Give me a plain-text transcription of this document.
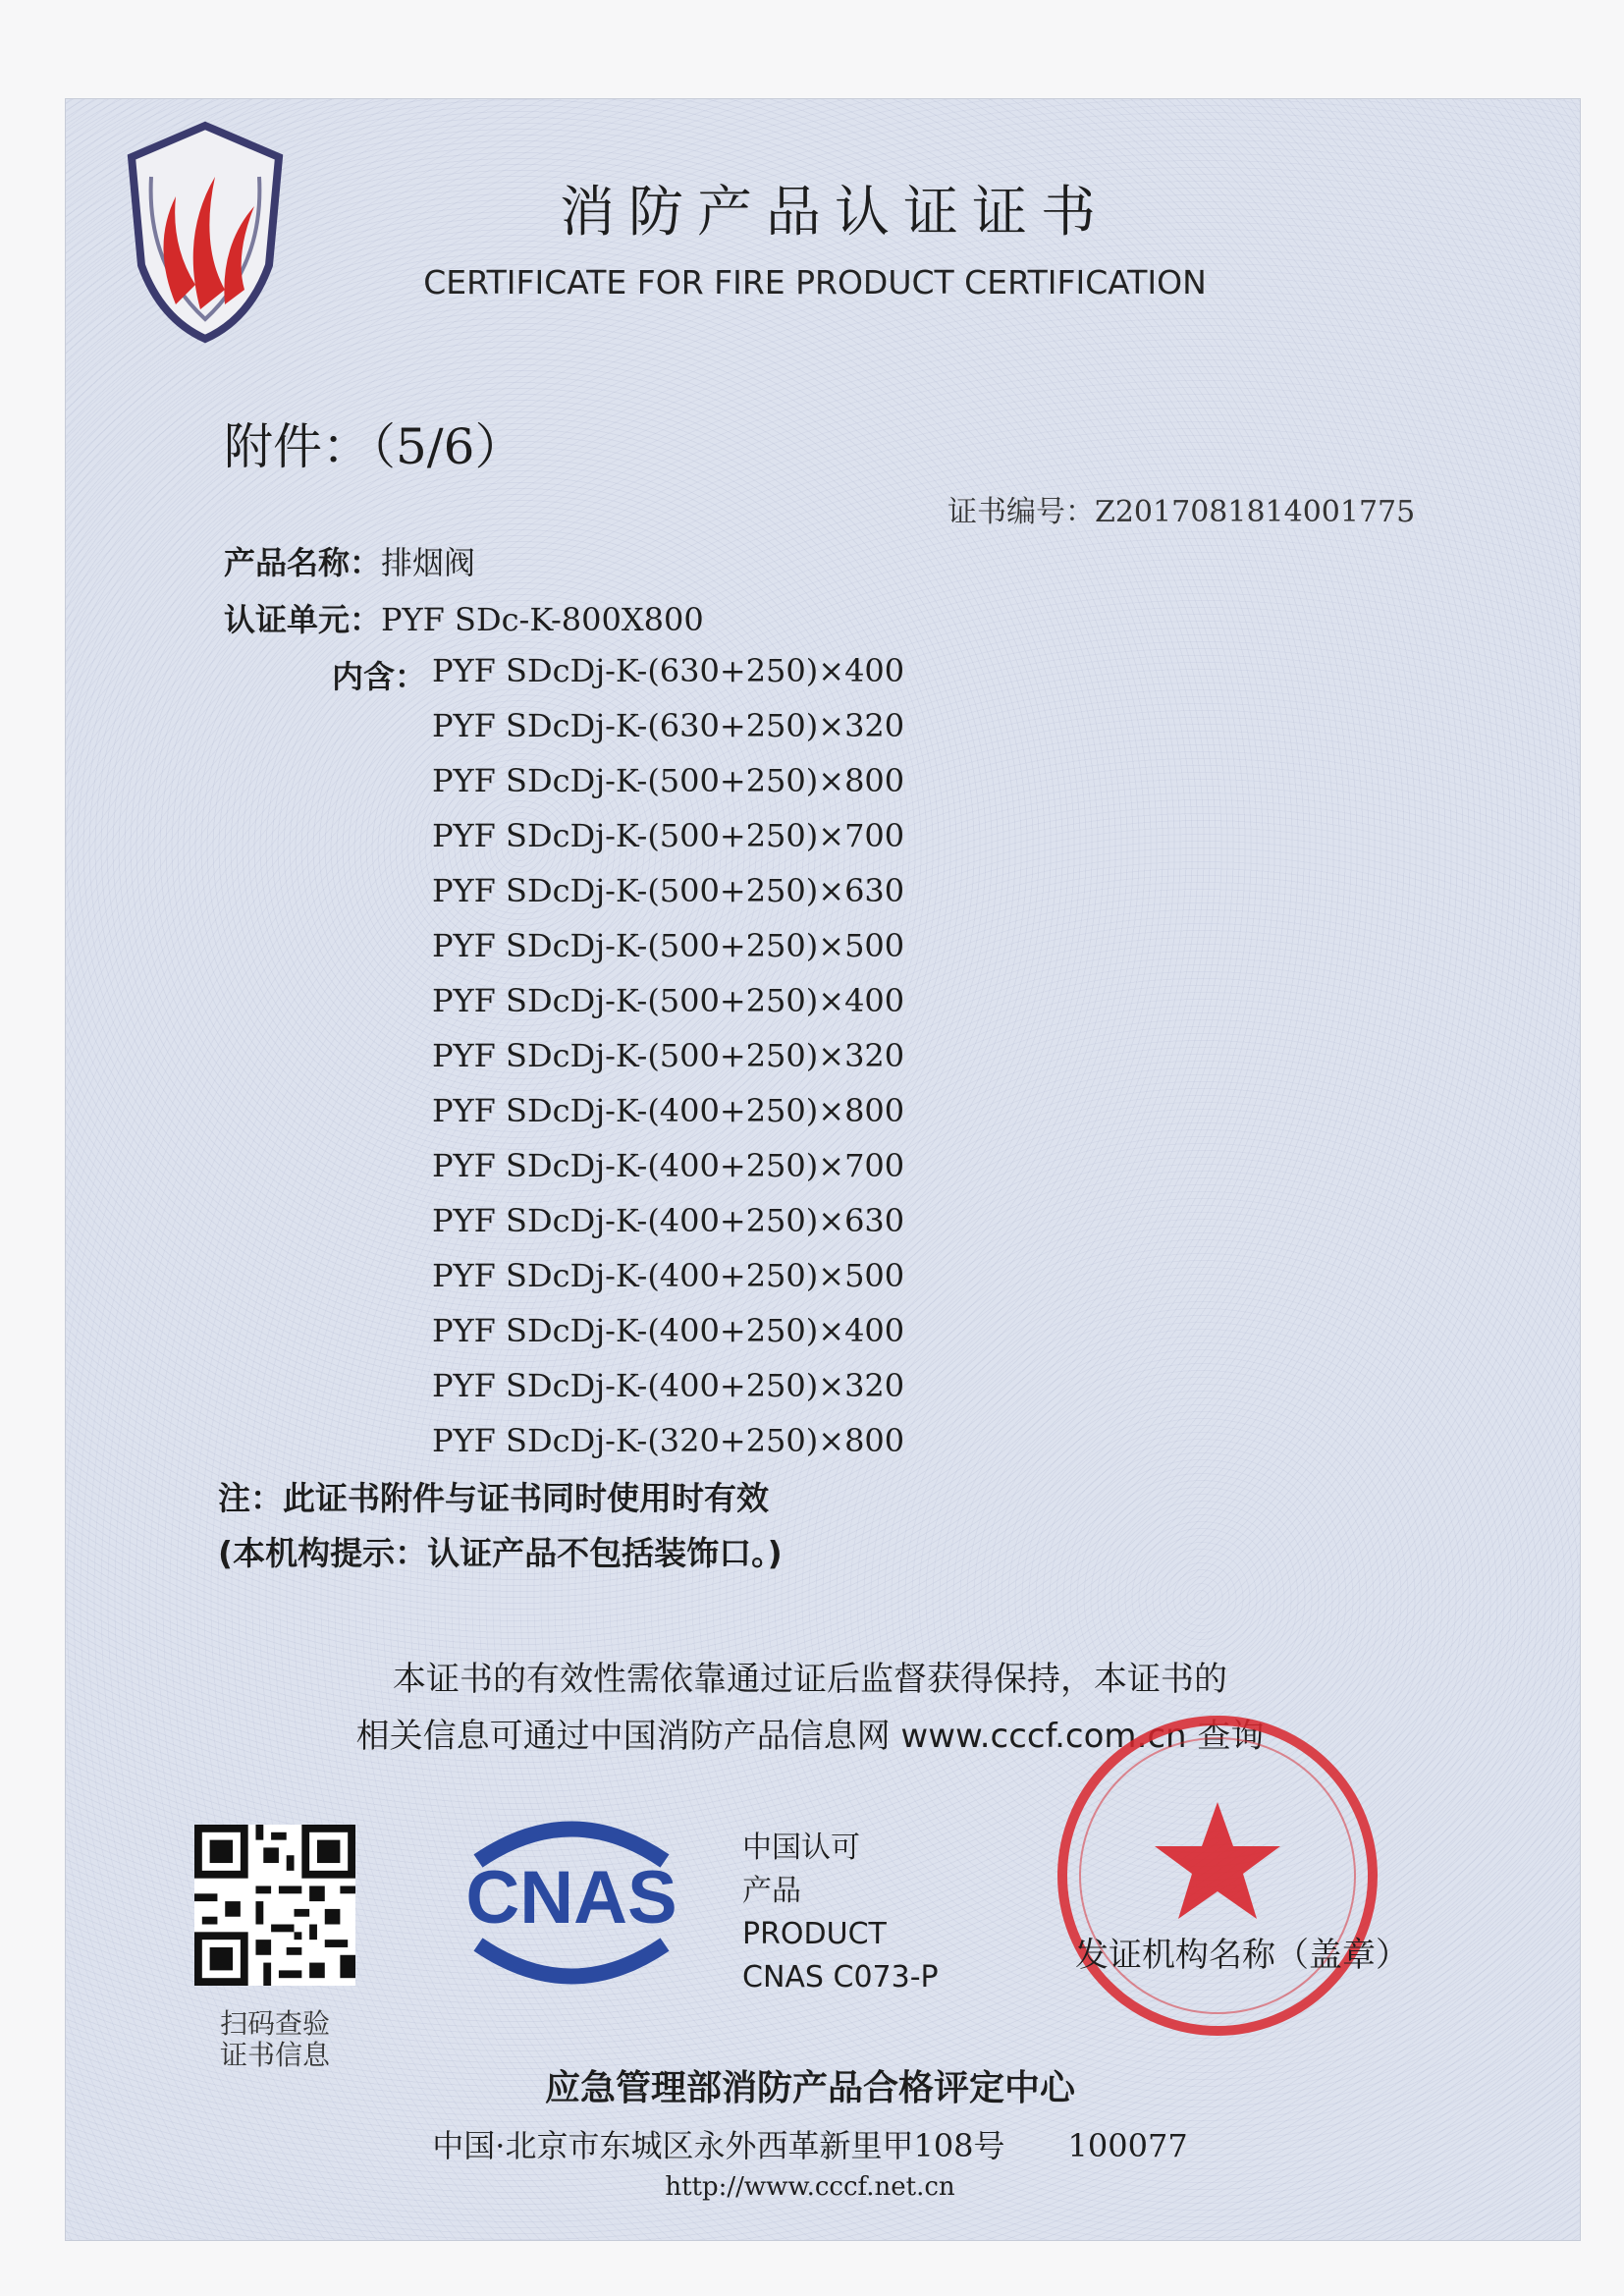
消防产品认证证书
CERTIFICATE FOR FIRE PRODUCT CERTIFICATION
附件：（5/6）
证书编号：Z2017081814001775
产品名称：排烟阀
认证单元：PYF SDc-K-800X800
内含： PYF SDcDj-K-(630+250)×400
PYF SDcDj-K-(630+250)×320
PYF SDcDj-K-(500+250)×800
PYF SDcDj-K-(500+250)×700
PYF SDcDj-K-(500+250)×630
PYF SDcDj-K-(500+250)×500
PYF SDcDj-K-(500+250)×400
PYF SDcDj-K-(500+250)×320
PYF SDcDj-K-(400+250)×800
PYF SDcDj-K-(400+250)×700
PYF SDcDj-K-(400+250)×630
PYF SDcDj-K-(400+250)×500
PYF SDcDj-K-(400+250)×400
PYF SDcDj-K-(400+250)×320
PYF SDcDj-K-(320+250)×800
注：此证书附件与证书同时使用时有效
(本机构提示：认证产品不包括装饰口。)
本证书的有效性需依靠通过证后监督获得保持，本证书的
相关信息可通过中国消防产品信息网 www.cccf.com.cn 查询
扫码查验
证书信息
CNAS
中国认可
产品
PRODUCT
CNAS C073-P
发证机构名称（盖章）
应急管理部消防产品合格评定中心
中国·北京市东城区永外西革新里甲108号　　100077
http://www.cccf.net.cn
